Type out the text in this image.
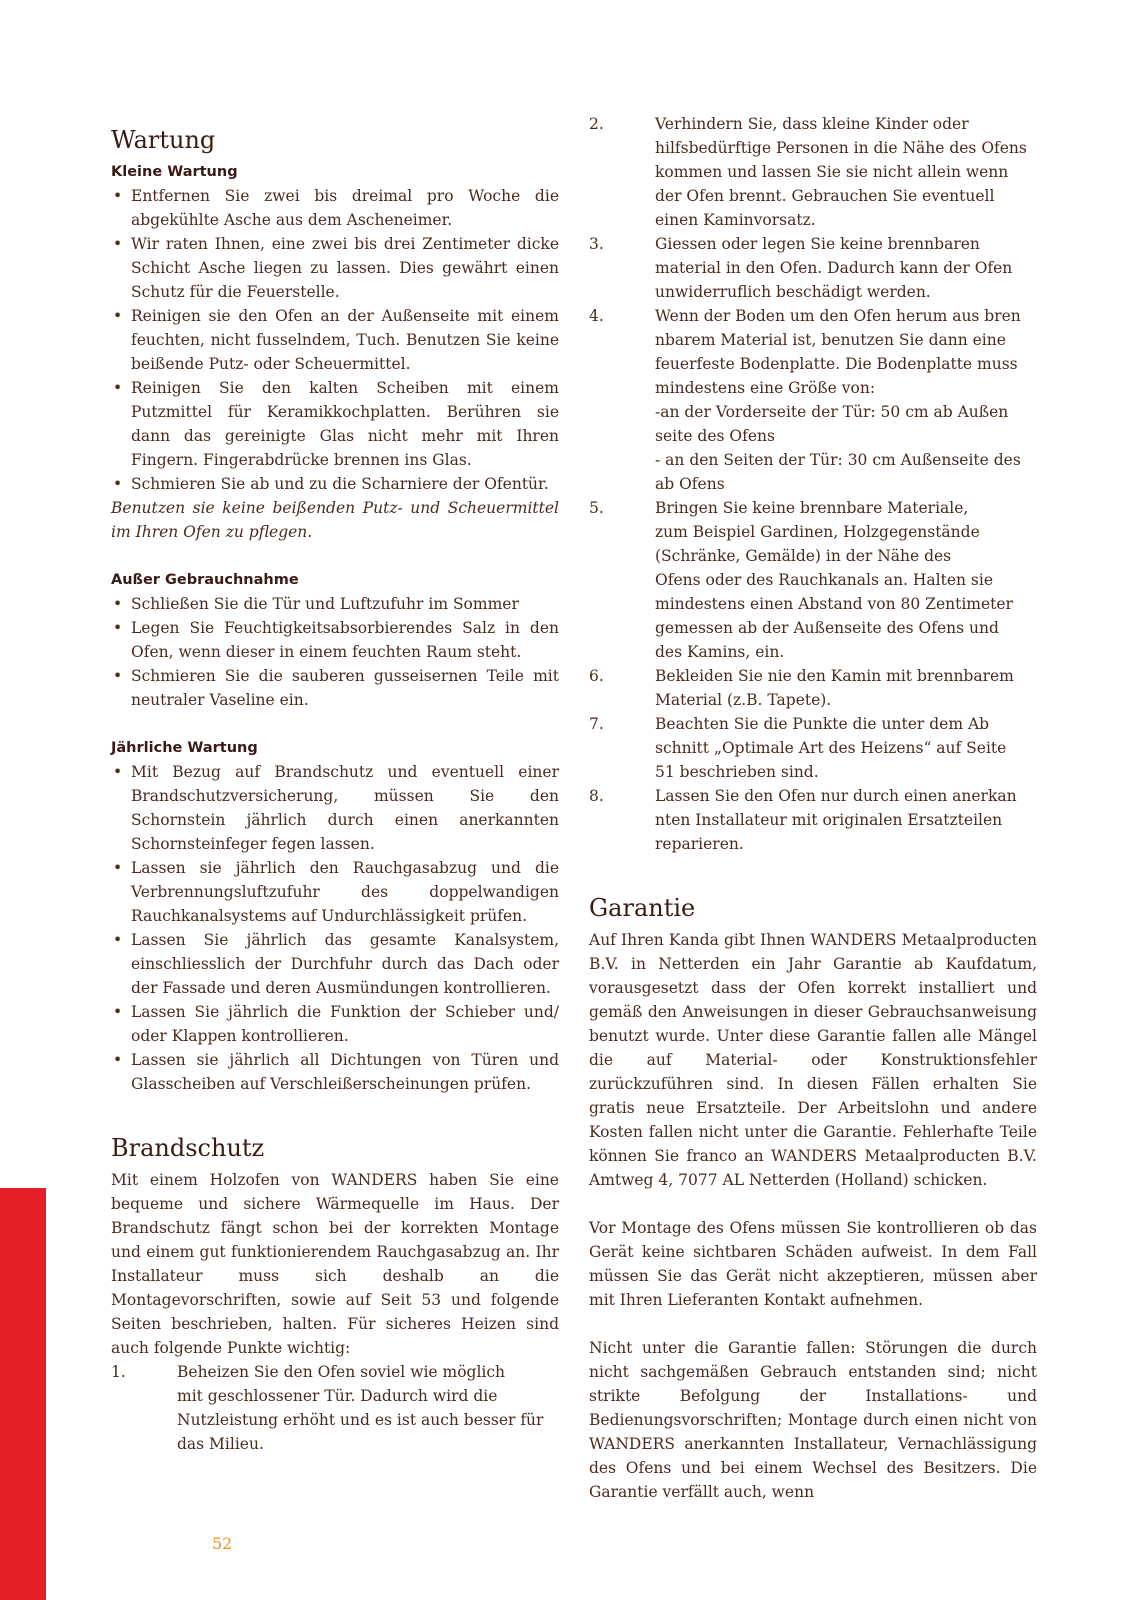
Wartung
Kleine Wartung
• Entfernen Sie zwei bis dreimal pro Woche die abgekühlte Asche aus dem Ascheneimer.
• Wir raten Ihnen, eine zwei bis drei Zentimeter dicke Schicht Asche liegen zu lassen. Dies gewährt einen Schutz für die Feuerstelle.
• Reinigen sie den Ofen an der Außenseite mit einem feuchten, nicht fusselndem, Tuch. Benutzen Sie keine beißende Putz- oder Scheuermittel.
• Reinigen Sie den kalten Scheiben mit einem Putzmittel für Keramikkochplatten. Berühren sie dann das gereinigte Glas nicht mehr mit Ihren Fingern. Fingerabdrücke brennen ins Glas.
• Schmieren Sie ab und zu die Scharniere der Ofentür.

Benutzen sie keine beißenden Putz- und Scheuermittel im Ihren Ofen zu pflegen.

Außer Gebrauchnahme
• Schließen Sie die Tür und Luftzufuhr im Sommer
• Legen Sie Feuchtigkeitsabsorbierendes Salz in den Ofen, wenn dieser in einem feuchten Raum steht.
• Schmieren Sie die sauberen gusseisernen Teile mit neutraler Vaseline ein.
Jährliche Wartung
• Mit Bezug auf Brandschutz und eventuell einer Brandschutzversicherung, müssen Sie den Schornstein jährlich durch einen anerkannten Schornsteinfeger fegen lassen.
• Lassen sie jährlich den Rauchgasabzug und die Verbrennungsluftzufuhr des doppelwandigen Rauchkanalsystems auf Undurchlässigkeit prüfen.
• Lassen Sie jährlich das gesamte Kanalsystem, einschliesslich der Durchfuhr durch das Dach oder der Fassade und deren Ausmündungen kontrollieren.
• Lassen Sie jährlich die Funktion der Schieber und/ oder Klappen kontrollieren.
• Lassen sie jährlich all Dichtungen von Türen und Glasscheiben auf Verschleißerscheinungen prüfen.
Brandschutz

Mit einem Holzofen von WANDERS haben Sie eine bequeme und sichere Wärmequelle im Haus. Der Brandschutz fängt schon bei der korrekten Montage und einem gut funktionierendem Rauchgasabzug an. Ihr Installateur muss sich deshalb an die Montagevorschriften, sowie auf Seit 53 und folgende Seiten beschrieben, halten. Für sicheres Heizen sind auch folgende Punkte wichtig:

1.	Beheizen Sie den Ofen soviel wie möglich
mit geschlossener Tür. Dadurch wird die
Nutzleistung erhöht und es ist auch besser für
das Milieu.
2.	Verhindern Sie, dass kleine Kinder oder
hilfsbedürftige Personen in die Nähe des Ofens
kommen und lassen Sie sie nicht allein wenn
der Ofen brennt. Gebrauchen Sie eventuell
einen Kaminvorsatz.
3.	Giessen oder legen Sie keine brennbaren
material in den Ofen. Dadurch kann der Ofen
unwiderruflich beschädigt werden.
4.	Wenn der Boden um den Ofen herum aus bren
nbarem Material ist, benutzen Sie dann eine
feuerfeste Bodenplatte. Die Bodenplatte muss
mindestens eine Größe von:
-an der Vorderseite der Tür: 50 cm ab Außen
seite des Ofens
- an den Seiten der Tür: 30 cm Außenseite des
ab Ofens
5.	Bringen Sie keine brennbare Materiale,
zum Beispiel Gardinen, Holzgegenstände
(Schränke, Gemälde) in der Nähe des
Ofens oder des Rauchkanals an. Halten sie
mindestens einen Abstand von 80 Zentimeter
gemessen ab der Außenseite des Ofens und
des Kamins, ein.
6.	Bekleiden Sie nie den Kamin mit brennbarem
Material (z.B. Tapete).
7.	Beachten Sie die Punkte die unter dem Ab
schnitt „Optimale Art des Heizens“ auf Seite
51 beschrieben sind.
8.	Lassen Sie den Ofen nur durch einen anerkan
nten Installateur mit originalen Ersatzteilen
reparieren.
Garantie

Auf Ihren Kanda gibt Ihnen WANDERS Metaalproducten B.V. in Netterden ein Jahr Garantie ab Kaufdatum, vorausgesetzt dass der Ofen korrekt installiert und gemäß den Anweisungen in dieser Gebrauchsanweisung benutzt wurde. Unter diese Garantie fallen alle Mängel die auf Material- oder Konstruktionsfehler zurückzuführen sind. In diesen Fällen erhalten Sie gratis neue Ersatzteile. Der Arbeitslohn und andere Kosten fallen nicht unter die Garantie. Fehlerhafte Teile können Sie franco an WANDERS Metaalproducten B.V. Amtweg 4, 7077 AL Netterden (Holland) schicken.

Vor Montage des Ofens müssen Sie kontrollieren ob das Gerät keine sichtbaren Schäden aufweist. In dem Fall müssen Sie das Gerät nicht akzeptieren, müssen aber mit Ihren Lieferanten Kontakt aufnehmen.

Nicht unter die Garantie fallen: Störungen die durch nicht sachgemäßen Gebrauch entstanden sind; nicht strikte Befolgung der Installations- und Bedienungsvorschriften; Montage durch einen nicht von WANDERS anerkannten Installateur, Vernachlässigung des Ofens und bei einem Wechsel des Besitzers. Die Garantie verfällt auch, wenn

52
